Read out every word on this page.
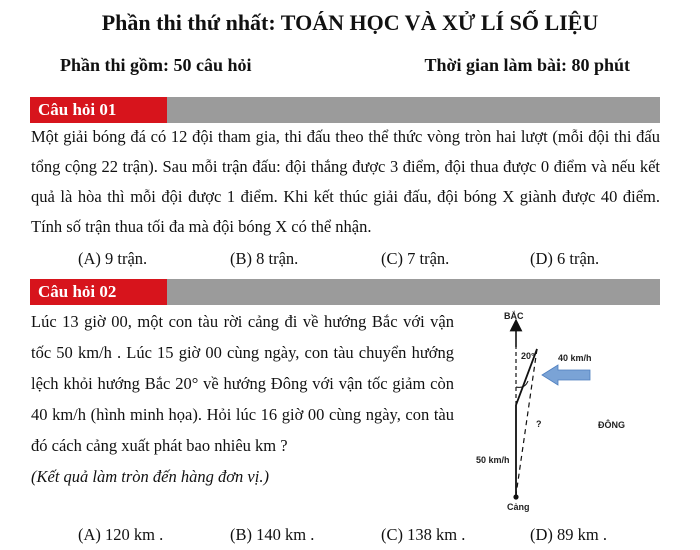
Phần thi thứ nhất: TOÁN HỌC VÀ XỬ LÍ SỐ LIỆU
Phần thi gồm: 50 câu hỏi	Thời gian làm bài: 80 phút
Câu hỏi 01
Một giải bóng đá có 12 đội tham gia, thi đấu theo thể thức vòng tròn hai lượt (mỗi đội thi đấu tổng cộng 22 trận). Sau mỗi trận đấu: đội thắng được 3 điểm, đội thua được 0 điểm và nếu kết quả là hòa thì mỗi đội được 1 điểm. Khi kết thúc giải đấu, đội bóng X giành được 40 điểm. Tính số trận thua tối đa mà đội bóng X có thể nhận.
(A) 9 trận.	(B) 8 trận.	(C) 7 trận.	(D) 6 trận.
Câu hỏi 02
Lúc 13 giờ 00, một con tàu rời cảng đi về hướng Bắc với vận tốc 50 km/h . Lúc 15 giờ 00 cùng ngày, con tàu chuyển hướng lệch khỏi hướng Bắc 20° về hướng Đông với vận tốc giảm còn 40 km/h (hình minh họa). Hỏi lúc 16 giờ 00 cùng ngày, con tàu đó cách cảng xuất phát bao nhiêu km ?
(Kết quả làm tròn đến hàng đơn vị.)
BẮC
20°	40 km/h
ĐÔNG
?
50 km/h
Cảng
(A) 120 km .	(B) 140 km .	(C) 138 km .	(D) 89 km .
